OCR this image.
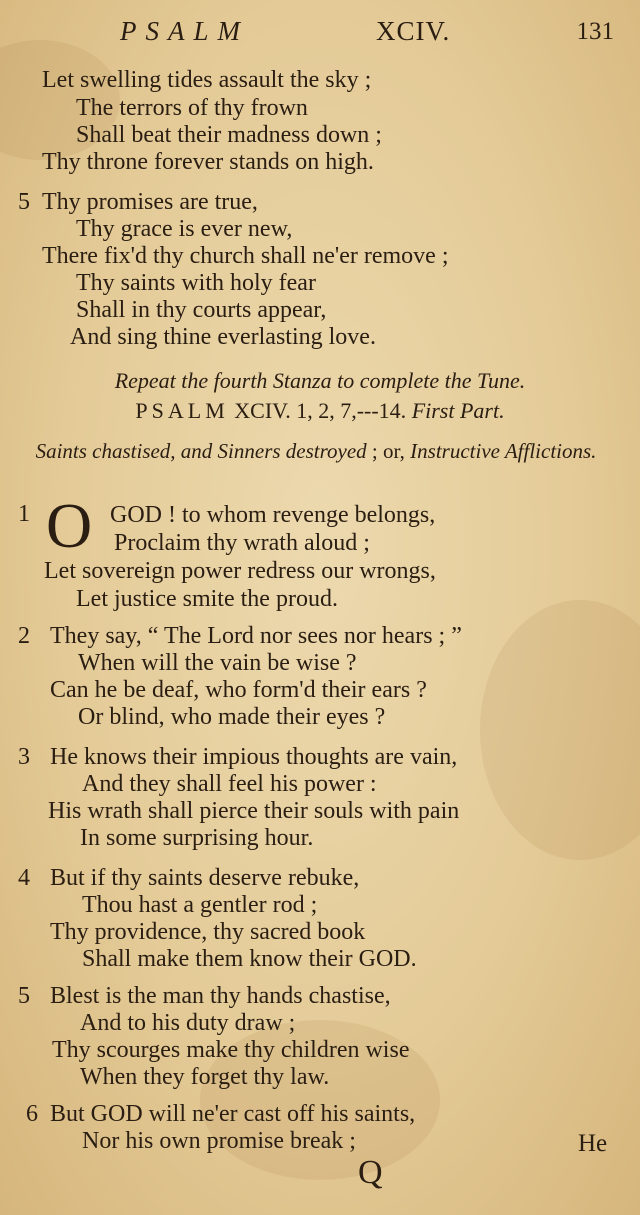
PSALM	XCIV.	131
Let swelling tides assault the sky ;
The terrors of thy frown
Shall beat their madness down ;
Thy throne forever stands on high.
5 Thy promises are true,
Thy grace is ever new,
There fix'd thy church shall ne'er remove ;
Thy saints with holy fear
Shall in thy courts appear,
And sing thine everlasting love.
Repeat the fourth Stanza to complete the Tune.
PSALM XCIV. 1, 2, 7,---14. First Part.
Saints chastised, and Sinners destroyed ; or, Instructive Afflictions.
1 O GOD ! to whom revenge belongs,
Proclaim thy wrath aloud ;
Let sovereign power redress our wrongs,
Let justice smite the proud.
2 They say, “ The Lord nor sees nor hears ; ”
When will the vain be wise ?
Can he be deaf, who form'd their ears ?
Or blind, who made their eyes ?
3 He knows their impious thoughts are vain,
And they shall feel his power :
His wrath shall pierce their souls with pain
In some surprising hour.
4 But if thy saints deserve rebuke,
Thou hast a gentler rod ;
Thy providence, thy sacred book
Shall make them know their GOD.
5 Blest is the man thy hands chastise,
And to his duty draw ;
Thy scourges make thy children wise
When they forget thy law.
6 But GOD will ne'er cast off his saints,
Nor his own promise break ;	He
Q
